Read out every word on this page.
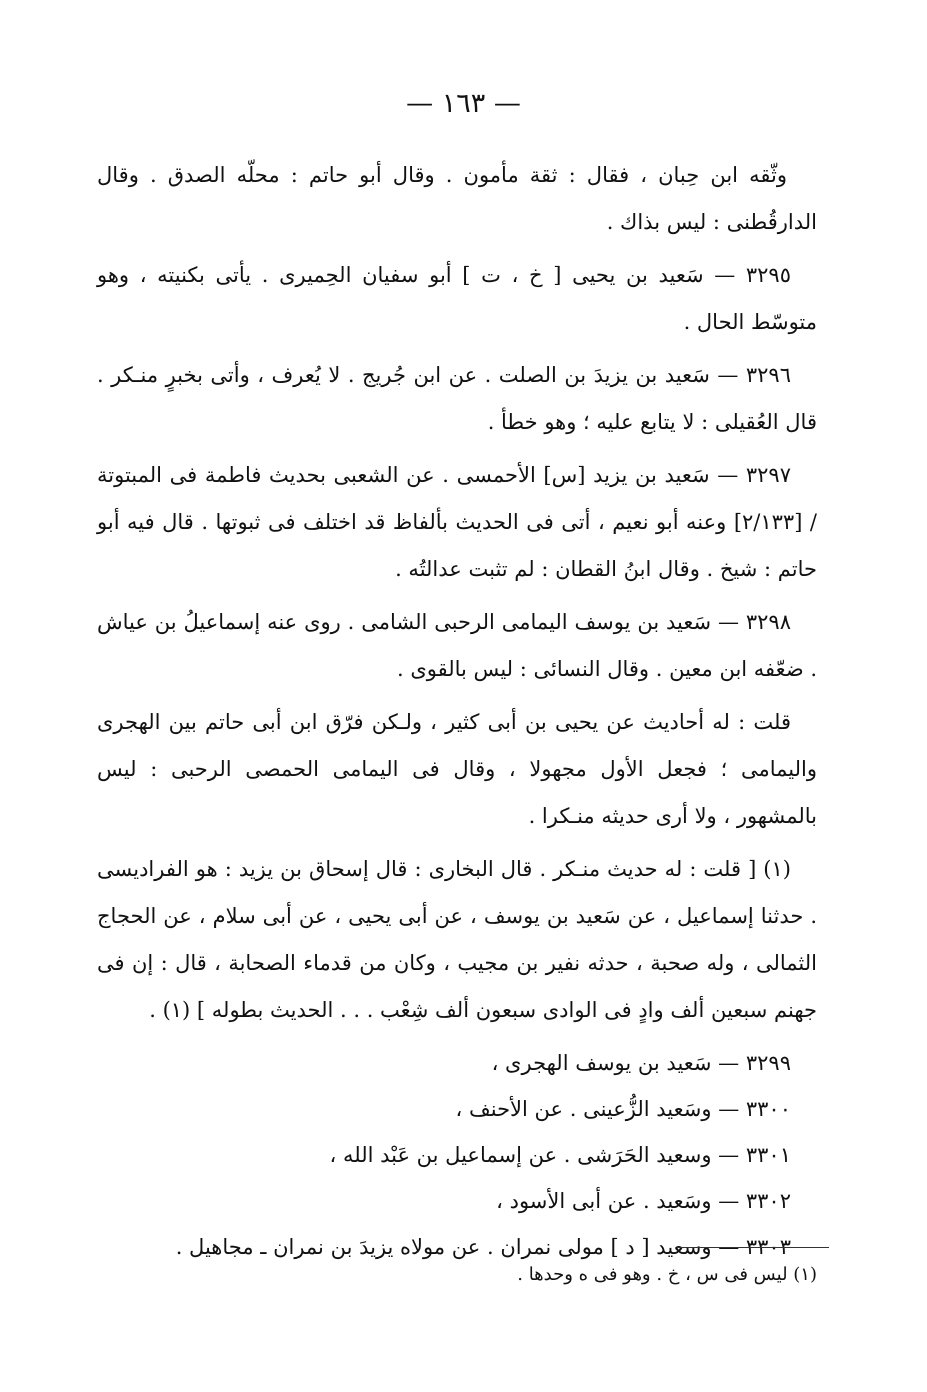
— ١٦٣ —

وثّقه ابن حِبان ، فقال : ثقة مأمون . وقال أبو حاتم : محلّه الصدق . وقال الدارقُطنى : ليس بذاك .

٣٢٩٥ — سَعيد بن يحيى [ خ ، ت ] أبو سفيان الحِميرى . يأتى بكنيته ، وهو متوسّط الحال .

٣٢٩٦ — سَعيد بن يزيدَ بن الصلت . عن ابن جُريج . لا يُعرف ، وأتى بخبرٍ منـكر . قال العُقيلى : لا يتابع عليه ؛ وهو خطأ .

٣٢٩٧ — سَعيد بن يزيد [س] الأحمسى . عن الشعبى بحديث فاطمة فى المبتوتة / [٢/١٣٣] وعنه أبو نعيم ، أتى فى الحديث بألفاظ قد اختلف فى ثبوتها . قال فيه أبو حاتم : شيخ . وقال ابنُ القطان : لم تثبت عدالتُه .

٣٢٩٨ — سَعيد بن يوسف اليمامى الرحبى الشامى . روى عنه إسماعيلُ بن عياش . ضعّفه ابن معين . وقال النسائى : ليس بالقوى .

قلت : له أحاديث عن يحيى بن أبى كثير ، ولـكن فرّق ابن أبى حاتم بين الهجرى واليمامى ؛ فجعل الأول مجهولا ، وقال فى اليمامى الحمصى الرحبى : ليس بالمشهور ، ولا أرى حديثه منـكرا .

(١) [ قلت : له حديث منـكر . قال البخارى : قال إسحاق بن يزيد : هو الفراديسى . حدثنا إسماعيل ، عن سَعيد بن يوسف ، عن أبى يحيى ، عن أبى سلام ، عن الحجاج الثمالى ، وله صحبة ، حدثه نفير بن مجيب ، وكان من قدماء الصحابة ، قال : إن فى جهنم سبعين ألف وادٍ فى الوادى سبعون ألف شِعْب . . . الحديث بطوله ] (١) .

٣٢٩٩ — سَعيد بن يوسف الهجرى ،
٣٣٠٠ — وسَعيد الزُّعينى . عن الأحنف ،
٣٣٠١ — وسعيد الحَرَشى . عن إسماعيل بن عَبْد الله ،
٣٣٠٢ — وسَعيد . عن أبى الأسود ،
٣٣٠٣ — وسعيد [ د ] مولى نمران . عن مولاه يزيدَ بن نمران ـ مجاهيل .
(١) ليس فى س ، خ . وهو فى ه وحدها .
